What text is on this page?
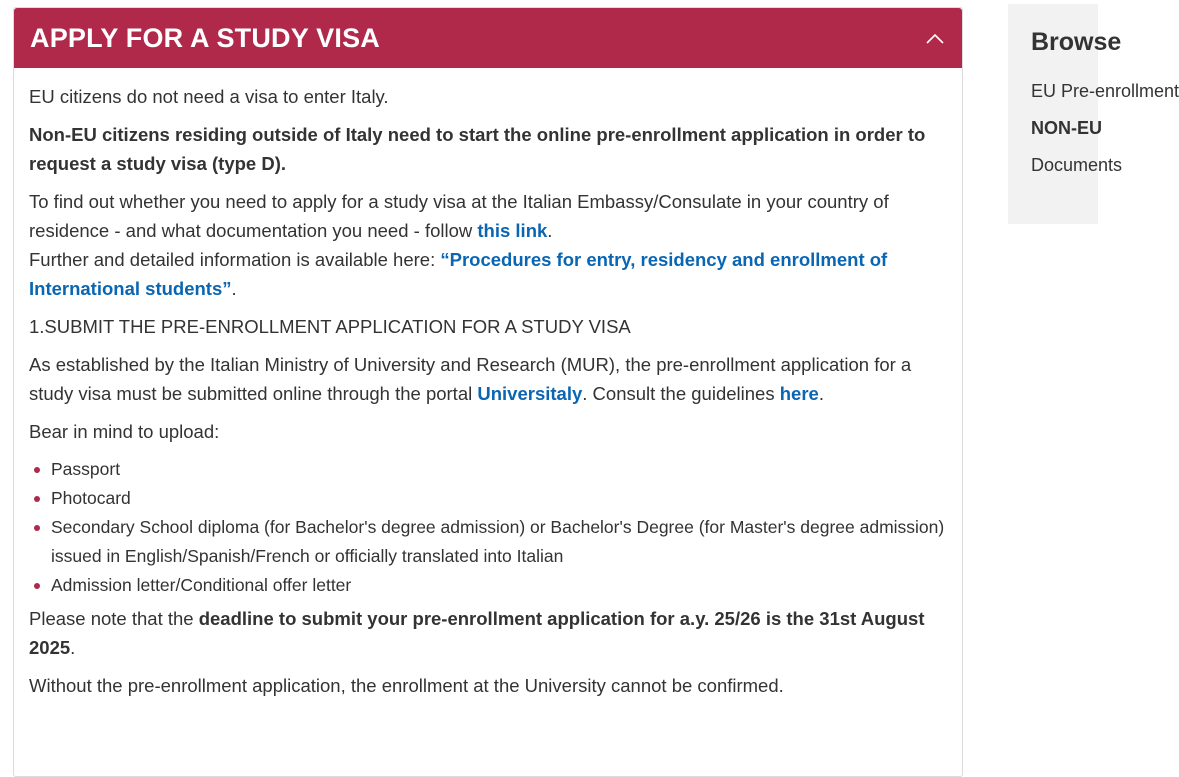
APPLY FOR A STUDY VISA

EU citizens do not need a visa to enter Italy.

Non-EU citizens residing outside of Italy need to start the online pre-enrollment application in order to request a study visa (type D).

To find out whether you need to apply for a study visa at the Italian Embassy/Consulate in your country of residence - and what documentation you need - follow this link.
Further and detailed information is available here: “Procedures for entry, residency and enrollment of International students”.

1.SUBMIT THE PRE-ENROLLMENT APPLICATION FOR A STUDY VISA

As established by the Italian Ministry of University and Research (MUR), the pre-enrollment application for a study visa must be submitted online through the portal Universitaly. Consult the guidelines here.

Bear in mind to upload:

Passport
Photocard
Secondary School diploma (for Bachelor's degree admission) or Bachelor's Degree (for Master's degree admission) issued in English/Spanish/French or officially translated into Italian
Admission letter/Conditional offer letter

Please note that the deadline to submit your pre-enrollment application for a.y. 25/26 is the 31st August 2025.

Without the pre-enrollment application, the enrollment at the University cannot be confirmed.

Browse
EU Pre-enrollment
NON-EU
Documents
